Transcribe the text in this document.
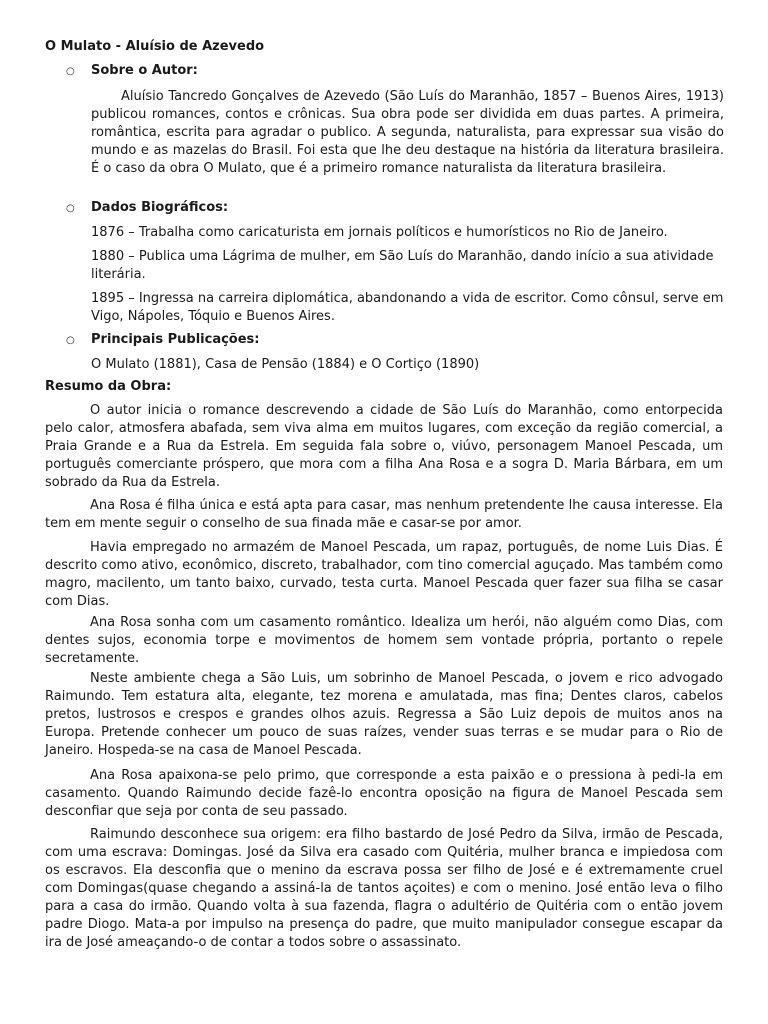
O Mulato - Aluísio de Azevedo
○	Sobre o Autor:
Aluísio Tancredo Gonçalves de Azevedo (São Luís do Maranhão, 1857 – Buenos Aires, 1913) publicou romances, contos e crônicas. Sua obra pode ser dividida em duas partes. A primeira, romântica, escrita para agradar o publico. A segunda, naturalista, para expressar sua visão do mundo e as mazelas do Brasil. Foi esta que lhe deu destaque na história da literatura brasileira. É o caso da obra O Mulato, que é a primeiro romance naturalista da literatura brasileira.
○	Dados Biográficos:
1876 – Trabalha como caricaturista em jornais políticos e humorísticos no Rio de Janeiro.
1880 – Publica uma Lágrima de mulher, em São Luís do Maranhão, dando início a sua atividade literária.
1895 – Ingressa na carreira diplomática, abandonando a vida de escritor. Como cônsul, serve em Vigo, Nápoles, Tóquio e Buenos Aires.
○	Principais Publicações:
O Mulato (1881), Casa de Pensão (1884) e O Cortiço (1890)
Resumo da Obra:
O autor inicia o romance descrevendo a cidade de São Luís do Maranhão, como entorpecida pelo calor, atmosfera abafada, sem viva alma em muitos lugares, com exceção da região comercial, a Praia Grande e a Rua da Estrela. Em seguida fala sobre o, viúvo, personagem Manoel Pescada, um português comerciante próspero, que mora com a filha Ana Rosa e a sogra D. Maria Bárbara, em um sobrado da Rua da Estrela.
Ana Rosa é filha única e está apta para casar, mas nenhum pretendente lhe causa interesse. Ela tem em mente seguir o conselho de sua finada mãe e casar-se por amor.
Havia empregado no armazém de Manoel Pescada, um rapaz, português, de nome Luis Dias. É descrito como ativo, econômico, discreto, trabalhador, com tino comercial aguçado. Mas também como magro, macilento, um tanto baixo, curvado, testa curta. Manoel Pescada quer fazer sua filha se casar com Dias.
Ana Rosa sonha com um casamento romântico. Idealiza um herói, não alguém como Dias, com dentes sujos, economia torpe e movimentos de homem sem vontade própria, portanto o repele secretamente.
Neste ambiente chega a São Luis, um sobrinho de Manoel Pescada, o jovem e rico advogado Raimundo. Tem estatura alta, elegante, tez morena e amulatada, mas fina; Dentes claros, cabelos pretos, lustrosos e crespos e grandes olhos azuis. Regressa a São Luiz depois de muitos anos na Europa. Pretende conhecer um pouco de suas raízes, vender suas terras e se mudar para o Rio de Janeiro. Hospeda-se na casa de Manoel Pescada.
Ana Rosa apaixona-se pelo primo, que corresponde a esta paixão e o pressiona à pedi-la em casamento. Quando Raimundo decide fazê-lo encontra oposição na figura de Manoel Pescada sem desconfiar que seja por conta de seu passado.
Raimundo desconhece sua origem: era filho bastardo de José Pedro da Silva, irmão de Pescada, com uma escrava: Domingas. José da Silva era casado com Quitéria, mulher branca e impiedosa com os escravos. Ela desconfia que o menino da escrava possa ser filho de José e é extremamente cruel com Domingas(quase chegando a assiná-la de tantos açoites) e com o menino. José então leva o filho para a casa do irmão. Quando volta à sua fazenda, flagra o adultério de Quitéria com o então jovem padre Diogo. Mata-a por impulso na presença do padre, que muito manipulador consegue escapar da ira de José ameaçando-o de contar a todos sobre o assassinato.
